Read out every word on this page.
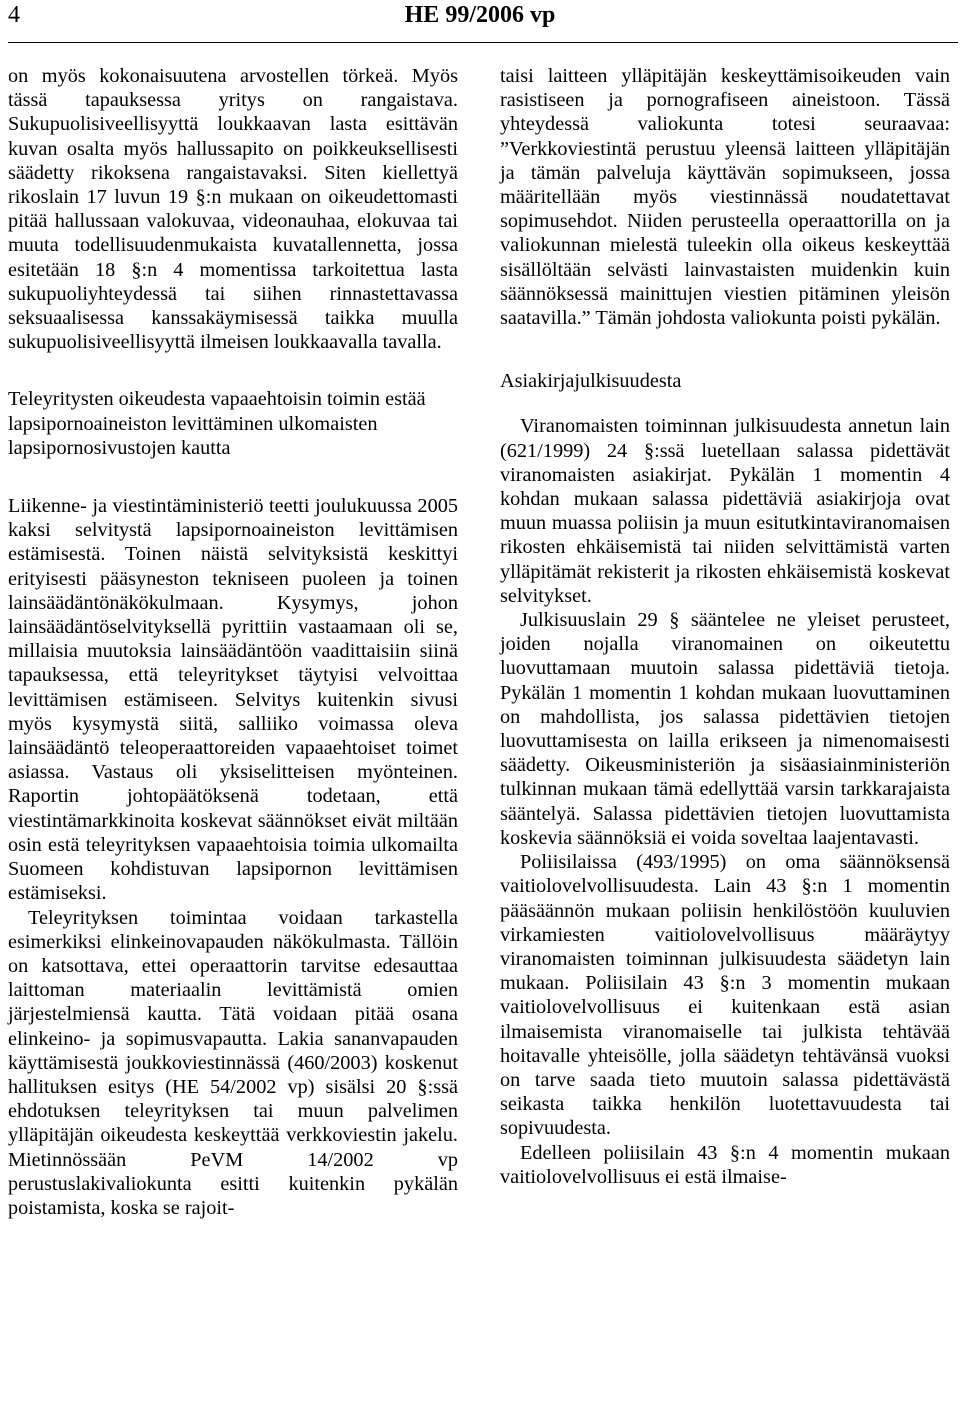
4	HE 99/2006 vp

on myös kokonaisuutena arvostellen törkeä. Myös tässä tapauksessa yritys on rangaistava. Sukupuolisiveellisyyttä loukkaavan lasta esittävän kuvan osalta myös hallussapito on poikkeuksellisesti säädetty rikoksena rangaistavaksi. Siten kiellettyä rikoslain 17 luvun 19 §:n mukaan on oikeudettomasti pitää hallussaan valokuvaa, videonauhaa, elokuvaa tai muuta todellisuudenmukaista kuvatallennetta, jossa esitetään 18 §:n 4 momentissa tarkoitettua lasta sukupuoliyhteydessä tai siihen rinnastettavassa seksuaalisessa kanssakäymisessä taikka muulla sukupuolisiveellisyyttä ilmeisen loukkaavalla tavalla.

Teleyritysten oikeudesta vapaaehtoisin toimin estää lapsipornoaineiston levittäminen ulkomaisten lapsipornosivustojen kautta

Liikenne- ja viestintäministeriö teetti joulukuussa 2005 kaksi selvitystä lapsipornoaineiston levittämisen estämisestä. Toinen näistä selvityksistä keskittyi erityisesti pääsyneston tekniseen puoleen ja toinen lainsäädäntönäkökulmaan. Kysymys, johon lainsäädäntöselvityksellä pyrittiin vastaamaan oli se, millaisia muutoksia lainsäädäntöön vaadittaisiin siinä tapauksessa, että teleyritykset täytyisi velvoittaa levittämisen estämiseen. Selvitys kuitenkin sivusi myös kysymystä siitä, salliiko voimassa oleva lainsäädäntö teleoperaattoreiden vapaaehtoiset toimet asiassa. Vastaus oli yksiselitteisen myönteinen. Raportin johtopäätöksenä todetaan, että viestintämarkkinoita koskevat säännökset eivät miltään osin estä teleyrityksen vapaaehtoisia toimia ulkomailta Suomeen kohdistuvan lapsipornon levittämisen estämiseksi.

Teleyrityksen toimintaa voidaan tarkastella esimerkiksi elinkeinovapauden näkökulmasta. Tällöin on katsottava, ettei operaattorin tarvitse edesauttaa laittoman materiaalin levittämistä omien järjestelmiensä kautta. Tätä voidaan pitää osana elinkeino- ja sopimusvapautta. Lakia sananvapauden käyttämisestä joukkoviestinnässä (460/2003) koskenut hallituksen esitys (HE 54/2002 vp) sisälsi 20 §:ssä ehdotuksen teleyrityksen tai muun palvelimen ylläpitäjän oikeudesta keskeyttää verkkoviestin jakelu. Mietinnössään PeVM 14/2002 vp perustuslakivaliokunta esitti kuitenkin pykälän poistamista, koska se rajoit-

taisi laitteen ylläpitäjän keskeyttämisoikeuden vain rasistiseen ja pornografiseen aineistoon. Tässä yhteydessä valiokunta totesi seuraavaa: ”Verkkoviestintä perustuu yleensä laitteen ylläpitäjän ja tämän palveluja käyttävän sopimukseen, jossa määritellään myös viestinnässä noudatettavat sopimusehdot. Niiden perusteella operaattorilla on ja valiokunnan mielestä tuleekin olla oikeus keskeyttää sisällöltään selvästi lainvastaisten muidenkin kuin säännöksessä mainittujen viestien pitäminen yleisön saatavilla.” Tämän johdosta valiokunta poisti pykälän.

Asiakirjajulkisuudesta

Viranomaisten toiminnan julkisuudesta annetun lain (621/1999) 24 §:ssä luetellaan salassa pidettävät viranomaisten asiakirjat. Pykälän 1 momentin 4 kohdan mukaan salassa pidettäviä asiakirjoja ovat muun muassa poliisin ja muun esitutkintaviranomaisen rikosten ehkäisemistä tai niiden selvittämistä varten ylläpitämät rekisterit ja rikosten ehkäisemistä koskevat selvitykset.

Julkisuuslain 29 § sääntelee ne yleiset perusteet, joiden nojalla viranomainen on oikeutettu luovuttamaan muutoin salassa pidettäviä tietoja. Pykälän 1 momentin 1 kohdan mukaan luovuttaminen on mahdollista, jos salassa pidettävien tietojen luovuttamisesta on lailla erikseen ja nimenomaisesti säädetty. Oikeusministeriön ja sisäasiainministeriön tulkinnan mukaan tämä edellyttää varsin tarkkarajaista sääntelyä. Salassa pidettävien tietojen luovuttamista koskevia säännöksiä ei voida soveltaa laajentavasti.

Poliisilaissa (493/1995) on oma säännöksensä vaitiolovelvollisuudesta. Lain 43 §:n 1 momentin pääsäännön mukaan poliisin henkilöstöön kuuluvien virkamiesten vaitiolovelvollisuus määräytyy viranomaisten toiminnan julkisuudesta säädetyn lain mukaan. Poliisilain 43 §:n 3 momentin mukaan vaitiolovelvollisuus ei kuitenkaan estä asian ilmaisemista viranomaiselle tai julkista tehtävää hoitavalle yhteisölle, jolla säädetyn tehtävänsä vuoksi on tarve saada tieto muutoin salassa pidettävästä seikasta taikka henkilön luotettavuudesta tai sopivuudesta.

Edelleen poliisilain 43 §:n 4 momentin mukaan vaitiolovelvollisuus ei estä ilmaise-
